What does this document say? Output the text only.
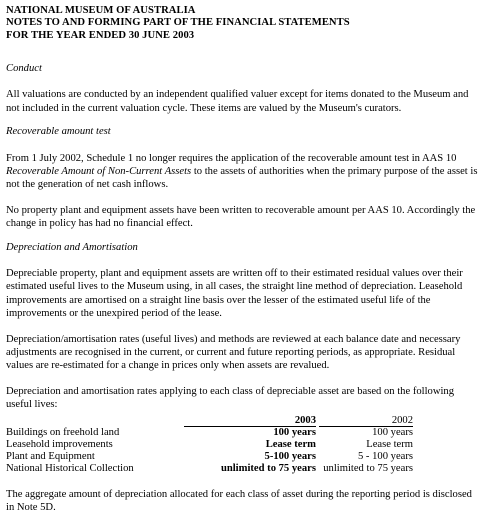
NATIONAL MUSEUM OF AUSTRALIA
NOTES TO AND FORMING PART OF THE FINANCIAL STATEMENTS
FOR THE YEAR ENDED 30 JUNE 2003
Conduct
All valuations are conducted by an independent qualified valuer except for items donated to the Museum and not included in the current valuation cycle. These items are valued by the Museum's curators.
Recoverable amount test
From 1 July 2002, Schedule 1 no longer requires the application of the recoverable amount test in AAS 10 Recoverable Amount of Non-Current Assets to the assets of authorities when the primary purpose of the asset is not the generation of net cash inflows.
No property plant and equipment assets have been written to recoverable amount per AAS 10. Accordingly the change in policy has had no financial effect.
Depreciation and Amortisation
Depreciable property, plant and equipment assets are written off to their estimated residual values over their estimated useful lives to the Museum using, in all cases, the straight line method of depreciation. Leasehold improvements are amortised on a straight line basis over the lesser of the estimated useful life of the improvements or the unexpired period of the lease.
Depreciation/amortisation rates (useful lives) and methods are reviewed at each balance date and necessary adjustments are recognised in the current, or current and future reporting periods, as appropriate. Residual values are re-estimated for a change in prices only when assets are revalued.
Depreciation and amortisation rates applying to each class of depreciable asset are based on the following useful lives:
Buildings on freehold land
Leasehold improvements
Plant and Equipment
National Historical Collection
2003
100 years
Lease term
5-100 years
unlimited to 75 years
2002
100 years
Lease term
5 - 100 years
unlimited to 75 years
The aggregate amount of depreciation allocated for each class of asset during the reporting period is disclosed in Note 5D.
